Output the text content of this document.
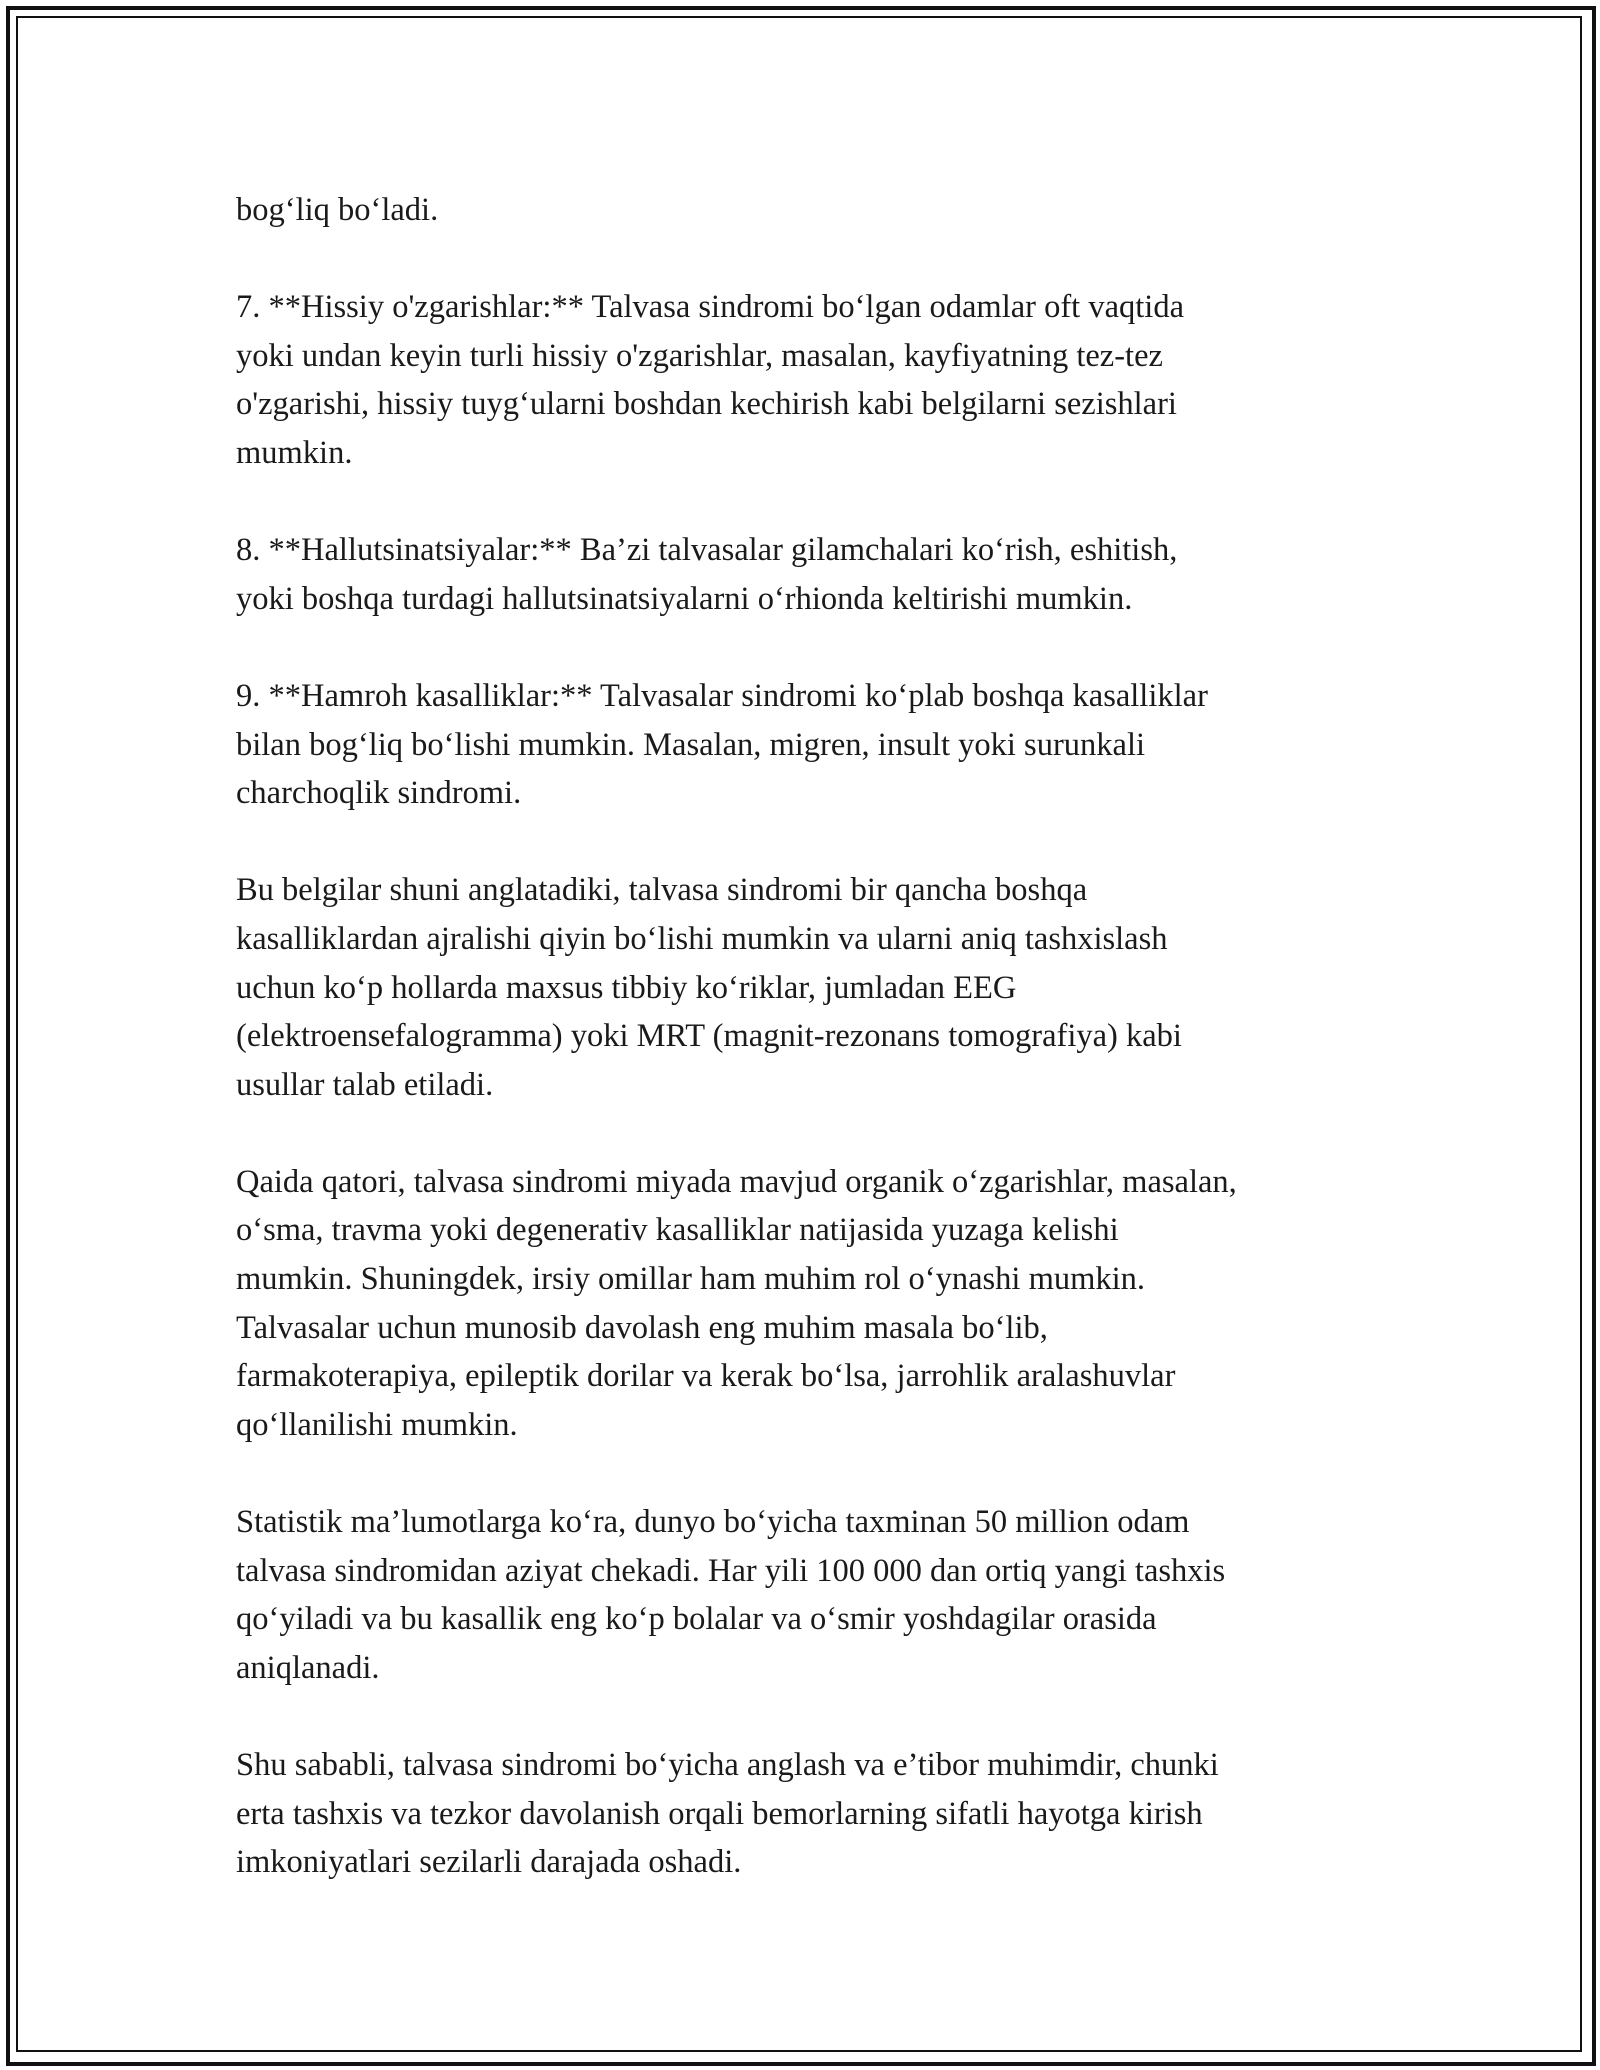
bog‘liq bo‘ladi.

7. **Hissiy o'zgarishlar:** Talvasa sindromi bo‘lgan odamlar oft vaqtida
yoki undan keyin turli hissiy o'zgarishlar, masalan, kayfiyatning tez-tez
o'zgarishi, hissiy tuyg‘ularni boshdan kechirish kabi belgilarni sezishlari
mumkin.

8. **Hallutsinatsiyalar:** Ba’zi talvasalar gilamchalari ko‘rish, eshitish,
yoki boshqa turdagi hallutsinatsiyalarni o‘rhionda keltirishi mumkin.

9. **Hamroh kasalliklar:** Talvasalar sindromi ko‘plab boshqa kasalliklar
bilan bog‘liq bo‘lishi mumkin. Masalan, migren, insult yoki surunkali
charchoqlik sindromi.

Bu belgilar shuni anglatadiki, talvasa sindromi bir qancha boshqa
kasalliklardan ajralishi qiyin bo‘lishi mumkin va ularni aniq tashxislash
uchun ko‘p hollarda maxsus tibbiy ko‘riklar, jumladan EEG
(elektroensefalogramma) yoki MRT (magnit-rezonans tomografiya) kabi
usullar talab etiladi.

Qaida qatori, talvasa sindromi miyada mavjud organik o‘zgarishlar, masalan,
o‘sma, travma yoki degenerativ kasalliklar natijasida yuzaga kelishi
mumkin. Shuningdek, irsiy omillar ham muhim rol o‘ynashi mumkin.
Talvasalar uchun munosib davolash eng muhim masala bo‘lib,
farmakoterapiya, epileptik dorilar va kerak bo‘lsa, jarrohlik aralashuvlar
qo‘llanilishi mumkin.

Statistik ma’lumotlarga ko‘ra, dunyo bo‘yicha taxminan 50 million odam
talvasa sindromidan aziyat chekadi. Har yili 100 000 dan ortiq yangi tashxis
qo‘yiladi va bu kasallik eng ko‘p bolalar va o‘smir yoshdagilar orasida
aniqlanadi.

Shu sababli, talvasa sindromi bo‘yicha anglash va e’tibor muhimdir, chunki
erta tashxis va tezkor davolanish orqali bemorlarning sifatli hayotga kirish
imkoniyatlari sezilarli darajada oshadi.
